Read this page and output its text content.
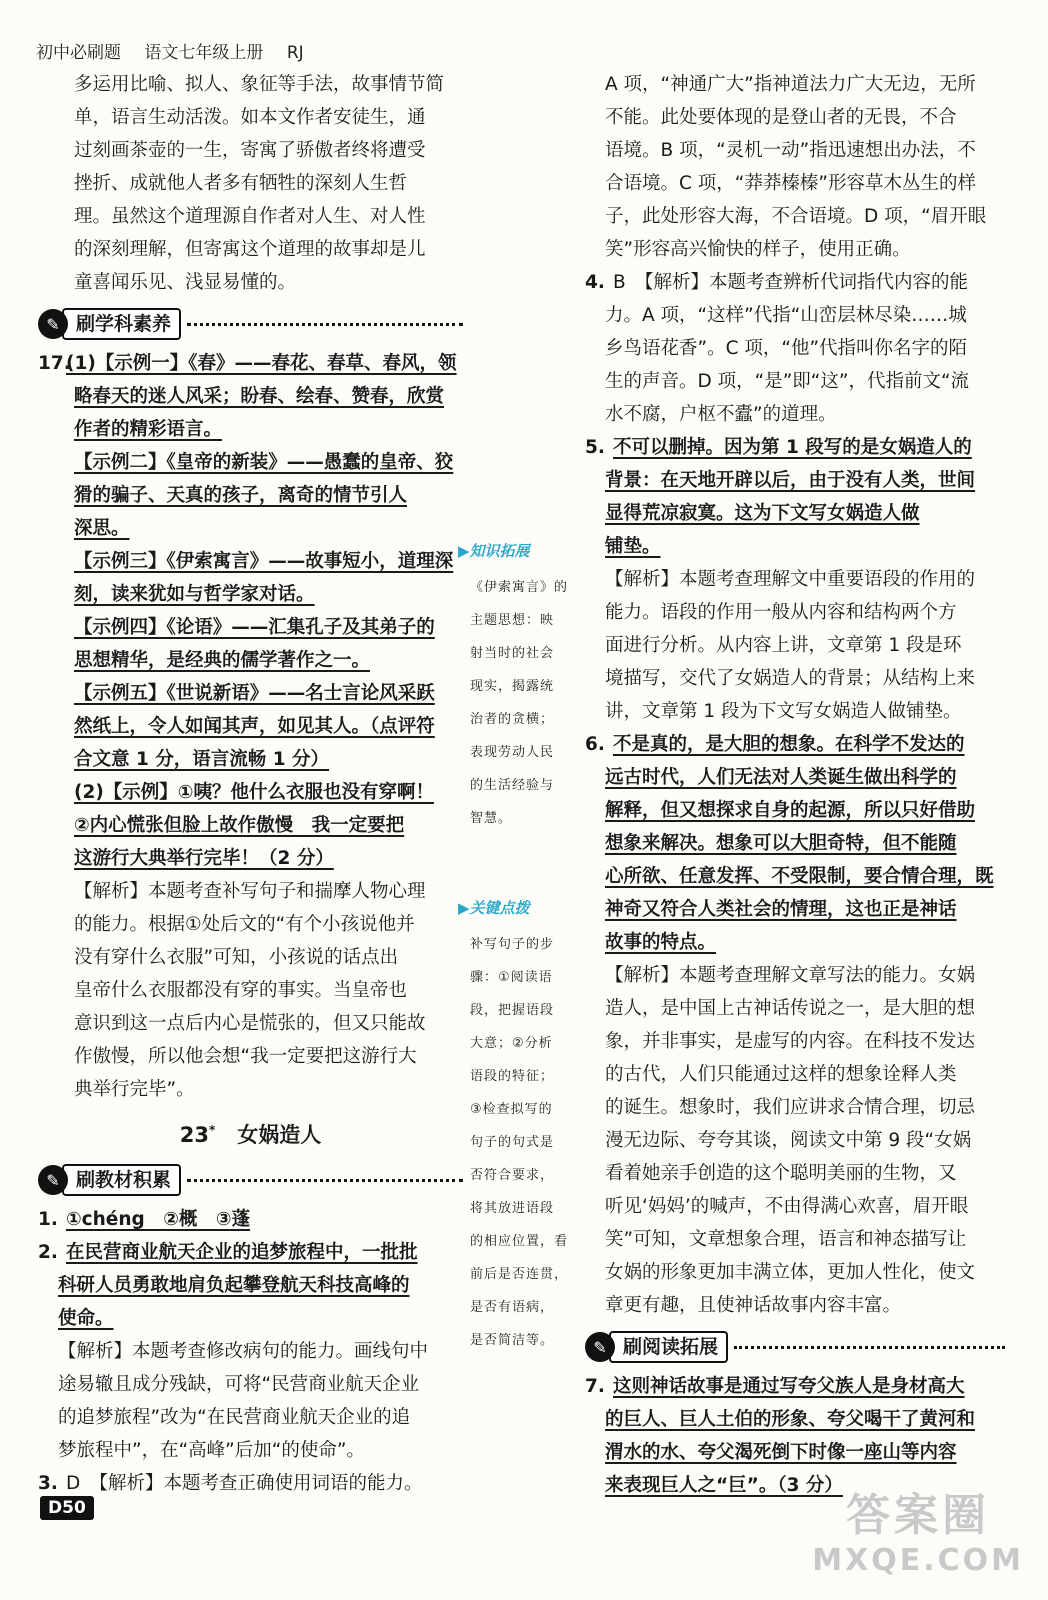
初中必刷题 语文七年级上册 RJ

多运用比喻、拟人、象征等手法，故事情节简

单，语言生动活泼。如本文作者安徒生，通

过刻画茶壶的一生，寄寓了骄傲者终将遭受

挫折、成就他人者多有牺牲的深刻人生哲

理。虽然这个道理源自作者对人生、对人性

的深刻理解，但寄寓这个道理的故事却是儿

童喜闻乐见、浅显易懂的。

✎ 刷学科素养

17.(1)【示例一】《春》——春花、春草、春风，领

略春天的迷人风采；盼春、绘春、赞春，欣赏

作者的精彩语言。

【示例二】《皇帝的新装》——愚蠢的皇帝、狡

猾的骗子、天真的孩子，离奇的情节引人

深思。

【示例三】《伊索寓言》——故事短小，道理深

刻，读来犹如与哲学家对话。

【示例四】《论语》——汇集孔子及其弟子的

思想精华，是经典的儒学著作之一。

【示例五】《世说新语》——名士言论风采跃

然纸上，令人如闻其声，如见其人。（点评符

合文意 1 分，语言流畅 1 分）

(2)【示例】①咦？他什么衣服也没有穿啊！

②内心慌张但脸上故作傲慢　我一定要把

这游行大典举行完毕！（2 分）

【解析】本题考查补写句子和揣摩人物心理

的能力。根据①处后文的“有个小孩说他并

没有穿什么衣服”可知，小孩说的话点出

皇帝什么衣服都没有穿的事实。当皇帝也

意识到这一点后内心是慌张的，但又只能故

作傲慢，所以他会想“我一定要把这游行大

典举行完毕”。

23* 女娲造人
✎ 刷教材积累

1. ①chéng　②概　③蓬

2. 在民营商业航天企业的追梦旅程中，一批批

科研人员勇敢地肩负起攀登航天科技高峰的

使命。

【解析】本题考查修改病句的能力。画线句中

途易辙且成分残缺，可将“民营商业航天企业

的追梦旅程”改为“在民营商业航天企业的追

梦旅程中”，在“高峰”后加“的使命”。

3. D　【解析】本题考查正确使用词语的能力。

▶知识拓展

《伊索寓言》的

主题思想：映

射当时的社会

现实，揭露统

治者的贪横；

表现劳动人民

的生活经验与

智慧。

▶关键点拨

补写句子的步

骤：①阅读语

段，把握语段

大意；②分析

语段的特征；

③检查拟写的

句子的句式是

否符合要求，

将其放进语段

的相应位置，看

前后是否连贯，

是否有语病，

是否简洁等。

A 项，“神通广大”指神道法力广大无边，无所

不能。此处要体现的是登山者的无畏，不合

语境。B 项，“灵机一动”指迅速想出办法，不

合语境。C 项，“莽莽榛榛”形容草木丛生的样

子，此处形容大海，不合语境。D 项，“眉开眼

笑”形容高兴愉快的样子，使用正确。

4. B　【解析】本题考查辨析代词指代内容的能

力。A 项，“这样”代指“山峦层林尽染……城

乡鸟语花香”。C 项，“他”代指叫你名字的陌

生的声音。D 项，“是”即“这”，代指前文“流

水不腐，户枢不蠹”的道理。

5. 不可以删掉。因为第 1 段写的是女娲造人的

背景：在天地开辟以后，由于没有人类，世间

显得荒凉寂寞。这为下文写女娲造人做

铺垫。

【解析】本题考查理解文中重要语段的作用的

能力。语段的作用一般从内容和结构两个方

面进行分析。从内容上讲，文章第 1 段是环

境描写，交代了女娲造人的背景；从结构上来

讲，文章第 1 段为下文写女娲造人做铺垫。

6. 不是真的，是大胆的想象。在科学不发达的

远古时代，人们无法对人类诞生做出科学的

解释，但又想探求自身的起源，所以只好借助

想象来解决。想象可以大胆奇特，但不能随

心所欲、任意发挥、不受限制，要合情合理，既

神奇又符合人类社会的情理，这也正是神话

故事的特点。

【解析】本题考查理解文章写法的能力。女娲

造人，是中国上古神话传说之一，是大胆的想

象，并非事实，是虚写的内容。在科技不发达

的古代，人们只能通过这样的想象诠释人类

的诞生。想象时，我们应讲求合情合理，切忌

漫无边际、夸夸其谈，阅读文中第 9 段“女娲

看着她亲手创造的这个聪明美丽的生物，又

听见‘妈妈’的喊声，不由得满心欢喜，眉开眼

笑”可知，文章想象合理，语言和神态描写让

女娲的形象更加丰满立体，更加人性化，使文

章更有趣，且使神话故事内容丰富。

✎ 刷阅读拓展

7. 这则神话故事是通过写夸父族人是身材高大

的巨人、巨人土伯的形象、夸父喝干了黄河和

渭水的水、夸父渴死倒下时像一座山等内容

来表现巨人之“巨”。（3 分）

D50	答案圈
MXQE.COM
